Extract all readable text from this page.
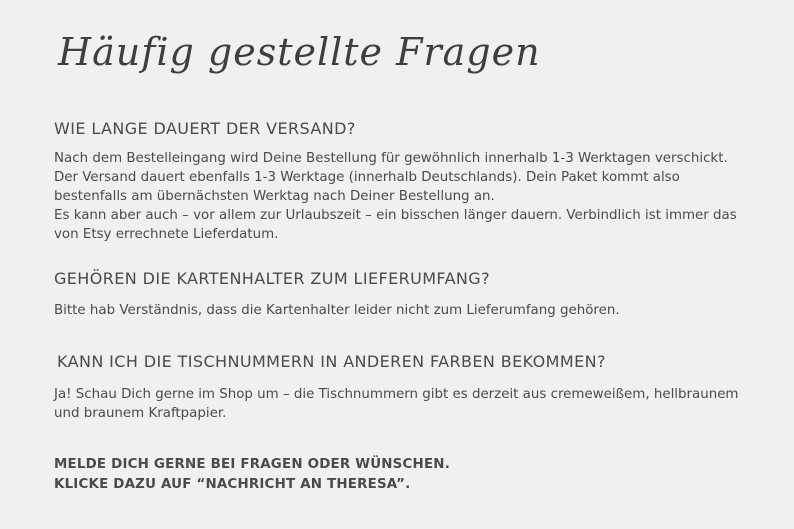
Häufig gestellte Fragen
WIE LANGE DAUERT DER VERSAND?

Nach dem Bestelleingang wird Deine Bestellung für gewöhnlich innerhalb 1-3 Werktagen verschickt. Der Versand dauert ebenfalls 1-3 Werktage (innerhalb Deutschlands). Dein Paket kommt also bestenfalls am übernächsten Werktag nach Deiner Bestellung an.

Es kann aber auch – vor allem zur Urlaubszeit – ein bisschen länger dauern. Verbindlich ist immer das von Etsy errechnete Lieferdatum.

GEHÖREN DIE KARTENHALTER ZUM LIEFERUMFANG?

Bitte hab Verständnis, dass die Kartenhalter leider nicht zum Lieferumfang gehören.

KANN ICH DIE TISCHNUMMERN IN ANDEREN FARBEN BEKOMMEN?

Ja! Schau Dich gerne im Shop um – die Tischnummern gibt es derzeit aus cremeweißem, hellbraunem und braunem Kraftpapier.

MELDE DICH GERNE BEI FRAGEN ODER WÜNSCHEN.
KLICKE DAZU AUF “NACHRICHT AN THERESA”.
